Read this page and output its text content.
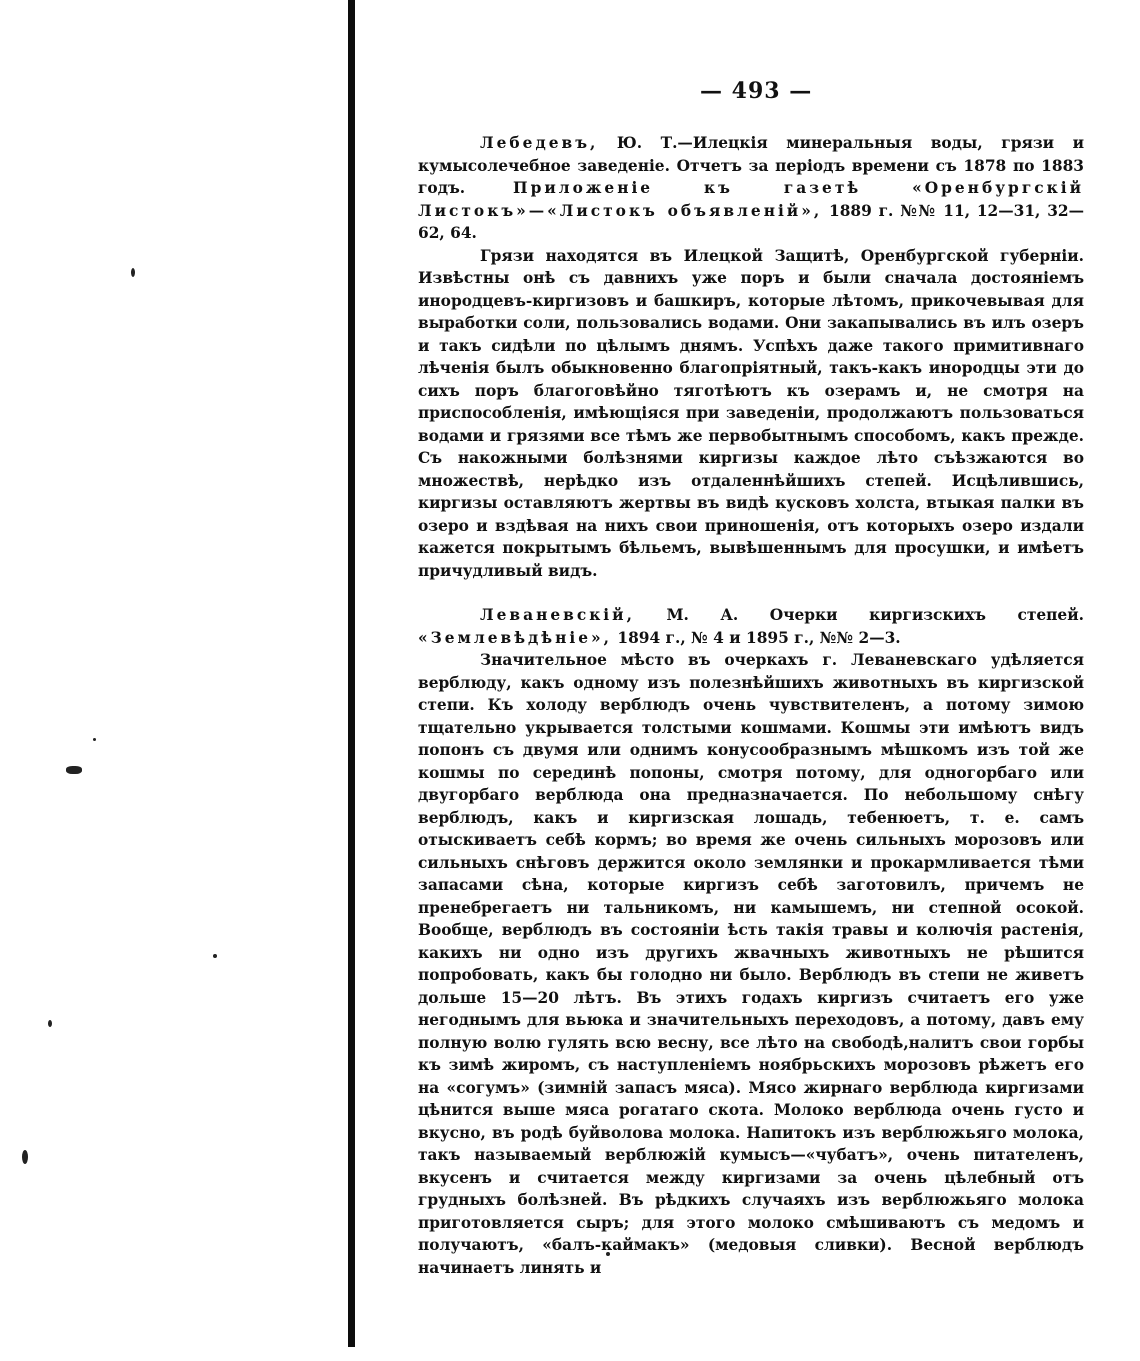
— 493 —

Лебедевъ, Ю. Т.—Илецкія минеральныя воды, грязи и кумысолечебное заведеніе. Отчетъ за періодъ времени съ 1878 по 1883 годъ.	Приложеніе къ газетѣ «Оренбургскій Листокъ»—«Листокъ объявленій», 1889 г. №№ 11, 12—31, 32—62, 64.

Грязи находятся въ Илецкой Защитѣ, Оренбургской губерніи. Извѣстны онѣ съ давнихъ уже поръ и были сначала достояніемъ инородцевъ-киргизовъ и башкиръ, которые лѣтомъ, прикочевывая для выработки соли, пользовались водами. Они закапывались въ илъ озеръ и такъ сидѣли по цѣлымъ днямъ. Успѣхъ даже такого примитивнаго лѣченія былъ обыкновенно благопріятный, такъ-какъ инородцы эти до сихъ поръ благоговѣйно тяготѣютъ къ озерамъ и, не смотря на приспособленія, имѣющіяся при заведеніи, продолжаютъ пользоваться водами и грязями все тѣмъ же первобытнымъ способомъ, какъ прежде. Съ накожными болѣзнями киргизы каждое лѣто съѣзжаются во множествѣ, нерѣдко изъ отдаленнѣйшихъ степей. Исцѣлившись, киргизы оставляютъ жертвы въ видѣ кусковъ холста, втыкая палки въ озеро и вздѣвая на нихъ свои приношенія, отъ которыхъ озеро издали кажется покрытымъ бѣльемъ, вывѣшеннымъ для просушки, и имѣетъ причудливый видъ.

Леваневскій, М. А. Очерки киргизскихъ степей. «Землевѣдѣніе», 1894 г., № 4 и 1895 г., №№ 2—3.

Значительное мѣсто въ очеркахъ г. Леваневскаго удѣляется верблюду, какъ одному изъ полезнѣйшихъ животныхъ въ киргизской степи. Къ холоду верблюдъ очень чувствителенъ, а потому зимою тщательно укрывается толстыми кошмами. Кошмы эти имѣютъ видъ попонъ съ двумя или однимъ конусообразнымъ мѣшкомъ изъ той же кошмы по серединѣ попоны, смотря потому, для одногорбаго или двугорбаго верблюда она предназначается. По небольшому снѣгу верблюдъ, какъ и киргизская лошадь, тебенюетъ, т. е. самъ отыскиваетъ себѣ кормъ; во время же очень сильныхъ морозовъ или сильныхъ снѣговъ держится около землянки и прокармливается тѣми запасами сѣна, которые киргизъ себѣ заготовилъ, причемъ не пренебрегаетъ ни тальникомъ, ни камышемъ, ни степной осокой. Вообще, верблюдъ въ состояніи ѣсть такія травы и колючія растенія, какихъ ни одно изъ другихъ жвачныхъ животныхъ не рѣшится попробовать, какъ бы голодно ни было. Верблюдъ въ степи не живетъ дольше 15—20 лѣтъ. Въ этихъ годахъ киргизъ считаетъ его уже негоднымъ для вьюка и значительныхъ переходовъ, а потому, давъ ему полную волю гулять всю весну, все лѣто на свободѣ,налитъ свои горбы къ зимѣ жиромъ, съ наступленіемъ ноябрьскихъ морозовъ рѣжетъ его на «согумъ» (зимній запасъ мяса). Мясо жирнаго верблюда киргизами цѣнится выше мяса рогатаго скота. Молоко верблюда очень густо и вкусно, въ родѣ буйволова молока. Напитокъ изъ верблюжьяго молока, такъ называемый верблюжій кумысъ—«чубатъ», очень питателенъ, вкусенъ и считается между киргизами за очень цѣлебный отъ грудныхъ болѣзней. Въ рѣдкихъ случаяхъ изъ верблюжьяго молока приготовляется сыръ; для этого молоко смѣшиваютъ съ медомъ и получаютъ, «балъ-каймакъ» (медовыя сливки). Весной верблюдъ начинаетъ линять и
